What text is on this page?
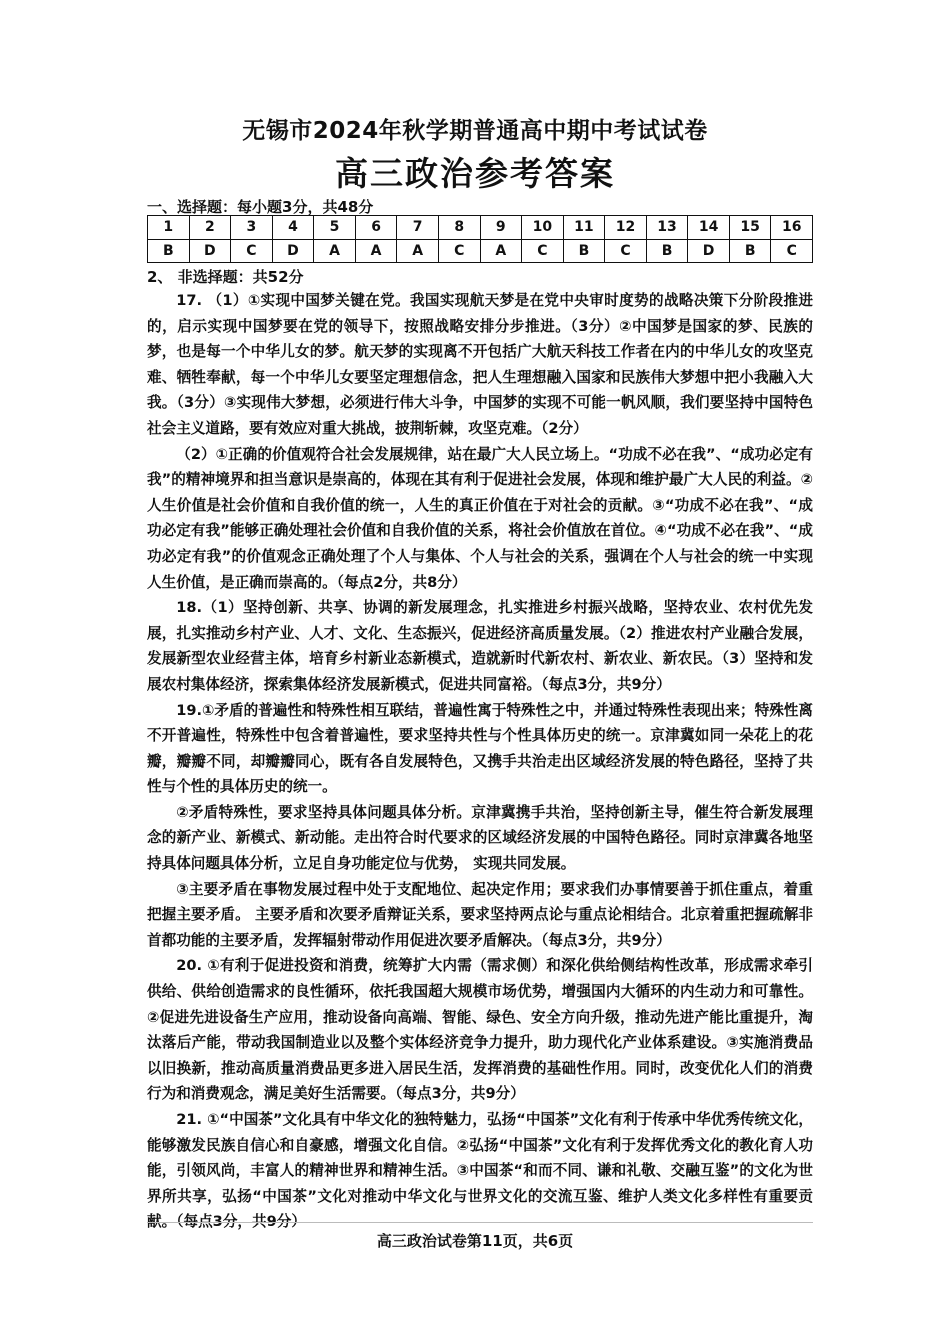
无锡市2024年秋学期普通高中期中考试试卷
高三政治参考答案
一、选择题：每小题3分，共48分
1	2	3	4	5	6	7	8	9	10	11	12	13	14	15	16
B	D	C	D	A	A	A	C	A	C	B	C	B	D	B	C
2、 非选择题：共52分

17. （1）①实现中国梦关键在党。我国实现航天梦是在党中央审时度势的战略决策下分阶段推进的，启示实现中国梦要在党的领导下，按照战略安排分步推进。（3分）②中国梦是国家的梦、民族的梦，也是每一个中华儿女的梦。航天梦的实现离不开包括广大航天科技工作者在内的中华儿女的攻坚克难、牺牲奉献，每一个中华儿女要坚定理想信念，把人生理想融入国家和民族伟大梦想中把小我融入大我。（3分）③实现伟大梦想，必须进行伟大斗争，中国梦的实现不可能一帆风顺，我们要坚持中国特色社会主义道路，要有效应对重大挑战，披荆斩棘，攻坚克难。（2分）

（2）①正确的价值观符合社会发展规律，站在最广大人民立场上。“功成不必在我”、“成功必定有我”的精神境界和担当意识是崇高的，体现在其有利于促进社会发展，体现和维护最广大人民的利益。②人生价值是社会价值和自我价值的统一，人生的真正价值在于对社会的贡献。③“功成不必在我”、“成功必定有我”能够正确处理社会价值和自我价值的关系，将社会价值放在首位。④“功成不必在我”、“成功必定有我”的价值观念正确处理了个人与集体、个人与社会的关系，强调在个人与社会的统一中实现人生价值，是正确而崇高的。（每点2分，共8分）

18.（1）坚持创新、共享、协调的新发展理念，扎实推进乡村振兴战略，坚持农业、农村优先发展，扎实推动乡村产业、人才、文化、生态振兴，促进经济高质量发展。（2）推进农村产业融合发展，发展新型农业经营主体，培育乡村新业态新模式，造就新时代新农村、新农业、新农民。（3）坚持和发展农村集体经济，探索集体经济发展新模式，促进共同富裕。（每点3分，共9分）

19.①矛盾的普遍性和特殊性相互联结，普遍性寓于特殊性之中，并通过特殊性表现出来；特殊性离不开普遍性，特殊性中包含着普遍性，要求坚持共性与个性具体历史的统一。京津冀如同一朵花上的花瓣，瓣瓣不同，却瓣瓣同心，既有各自发展特色，又携手共治走出区域经济发展的特色路径，坚持了共性与个性的具体历史的统一。

②矛盾特殊性，要求坚持具体问题具体分析。京津冀携手共治，坚持创新主导，催生符合新发展理念的新产业、新模式、新动能。走出符合时代要求的区域经济发展的中国特色路径。同时京津冀各地坚持具体问题具体分析，立足自身功能定位与优势， 实现共同发展。

③主要矛盾在事物发展过程中处于支配地位、起决定作用；要求我们办事情要善于抓住重点，着重把握主要矛盾。 主要矛盾和次要矛盾辩证关系，要求坚持两点论与重点论相结合。北京着重把握疏解非首都功能的主要矛盾，发挥辐射带动作用促进次要矛盾解决。（每点3分，共9分）

20. ①有利于促进投资和消费，统筹扩大内需（需求侧）和深化供给侧结构性改革，形成需求牵引供给、供给创造需求的良性循环，依托我国超大规模市场优势，增强国内大循环的内生动力和可靠性。②促进先进设备生产应用，推动设备向高端、智能、绿色、安全方向升级，推动先进产能比重提升，淘汰落后产能，带动我国制造业以及整个实体经济竞争力提升，助力现代化产业体系建设。③实施消费品以旧换新，推动高质量消费品更多进入居民生活，发挥消费的基础性作用。同时，改变优化人们的消费行为和消费观念，满足美好生活需要。（每点3分，共9分）

21. ①“中国茶”文化具有中华文化的独特魅力，弘扬“中国茶”文化有利于传承中华优秀传统文化，能够激发民族自信心和自豪感，增强文化自信。②弘扬“中国茶”文化有利于发挥优秀文化的教化育人功能，引领风尚，丰富人的精神世界和精神生活。③中国茶“和而不同、谦和礼敬、交融互鉴”的文化为世界所共享，弘扬“中国茶”文化对推动中华文化与世界文化的交流互鉴、维护人类文化多样性有重要贡献。（每点3分，共9分）

高三政治试卷第11页，共6页
